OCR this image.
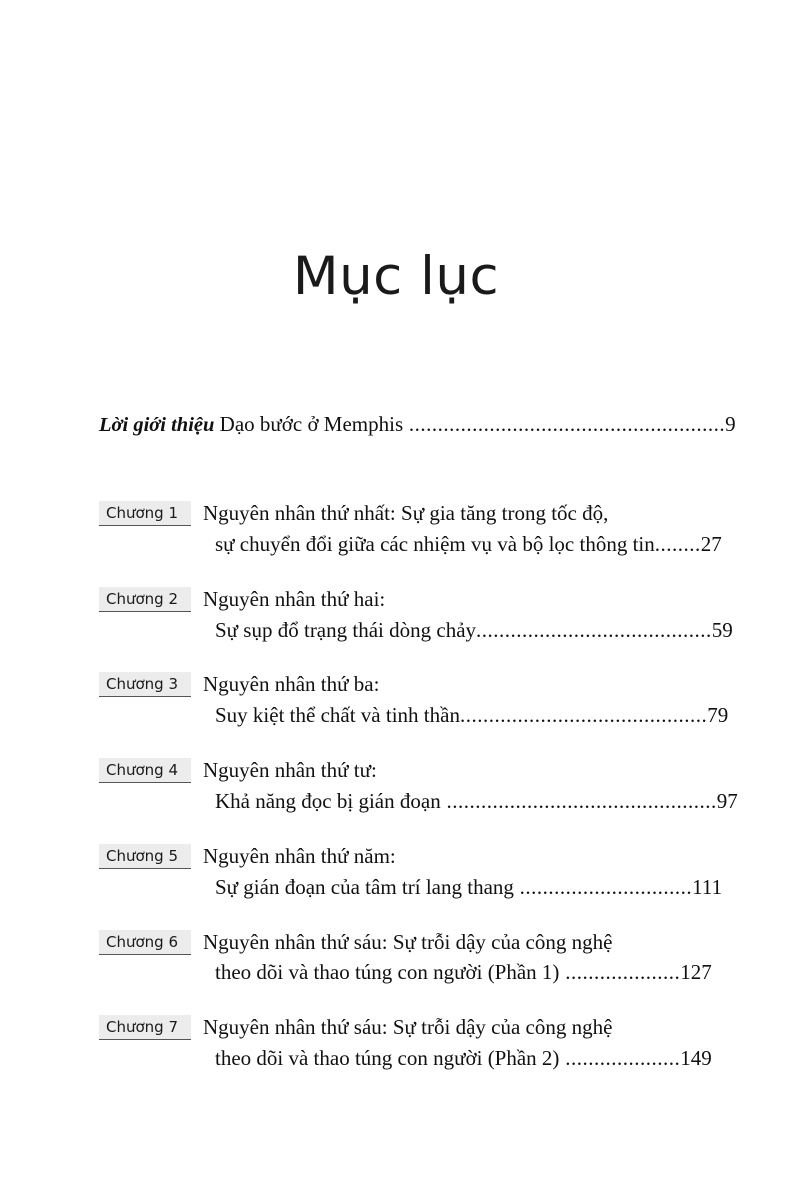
Mục lục
Lời giới thiệu Dạo bước ở Memphis .......................................................9
Chương 1	Nguyên nhân thứ nhất: Sự gia tăng trong tốc độ,
sự chuyển đổi giữa các nhiệm vụ và bộ lọc thông tin........27
Chương 2	Nguyên nhân thứ hai:
Sự sụp đổ trạng thái dòng chảy.........................................59
Chương 3	Nguyên nhân thứ ba:
Suy kiệt thể chất và tinh thần...........................................79
Chương 4	Nguyên nhân thứ tư:
Khả năng đọc bị gián đoạn ...............................................97
Chương 5	Nguyên nhân thứ năm:
Sự gián đoạn của tâm trí lang thang ..............................111
Chương 6	Nguyên nhân thứ sáu: Sự trỗi dậy của công nghệ
theo dõi và thao túng con người (Phần 1) ....................127
Chương 7	Nguyên nhân thứ sáu: Sự trỗi dậy của công nghệ
theo dõi và thao túng con người (Phần 2) ....................149
